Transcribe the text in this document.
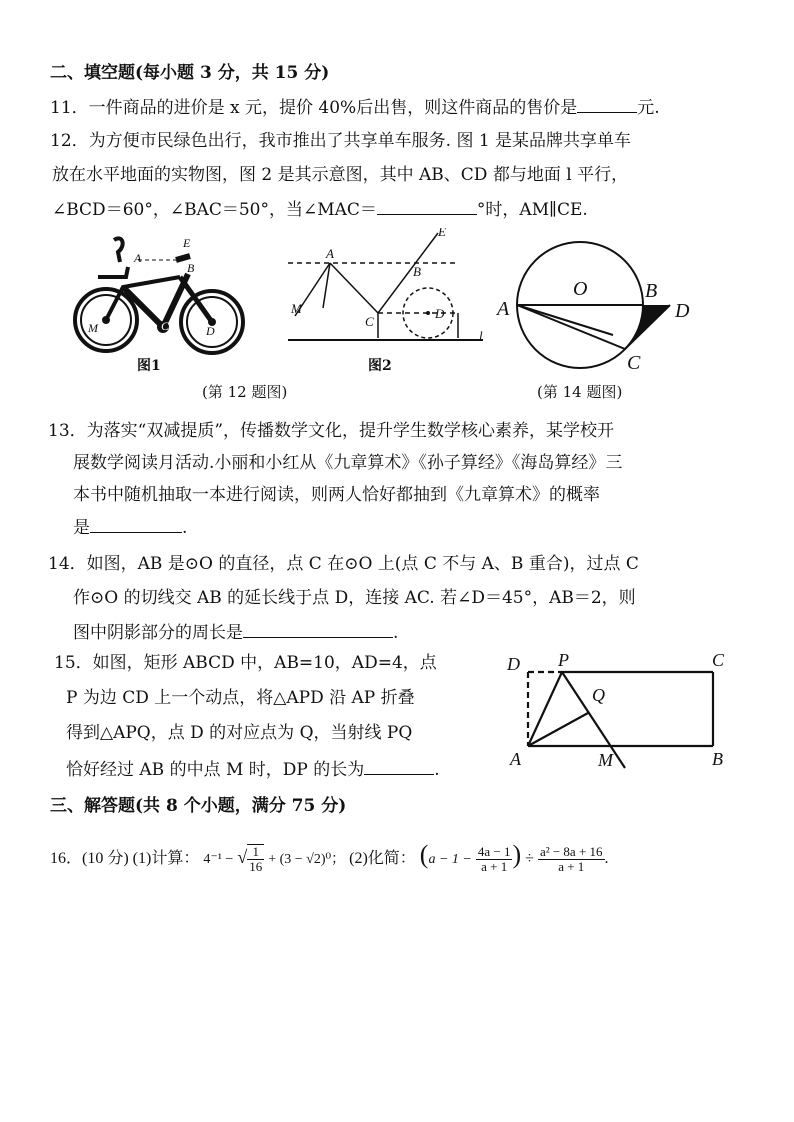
二、填空题(每小题 3 分，共 15 分)
11．一件商品的进价是 x 元，提价 40%后出售，则这件商品的售价是	元.
12．为方便市民绿色出行，我市推出了共享单车服务. 图 1 是某品牌共享单车
放在水平地面的实物图，图 2 是其示意图，其中 AB、CD 都与地面 l 平行，
∠BCD＝60°，∠BAC＝50°，当∠MAC＝	°时，AM∥CE.
A
E
B
M	C	D
图1
A
E
B
M
C
D
l
图2
O
A
B
D
C
(第 12 题图)	(第 14 题图)
13．为落实“双减提质”，传播数学文化，提升学生数学核心素养，某学校开
展数学阅读月活动.小丽和小红从《九章算术》《孙子算经》《海岛算经》三
本书中随机抽取一本进行阅读，则两人恰好都抽到《九章算术》的概率
是	.
14．如图，AB 是⊙O 的直径，点 C 在⊙O 上(点 C 不与 A、B 重合)，过点 C
作⊙O 的切线交 AB 的延长线于点 D，连接 AC. 若∠D＝45°，AB＝2，则
图中阴影部分的周长是	.
15．如图，矩形 ABCD 中，AB=10，AD=4，点
P 为边 CD 上一个动点，将△APD 沿 AP 折叠
得到△APQ，点 D 的对应点为 Q，当射线 PQ
恰好经过 AB 的中点 M 时，DP 的长为	.
D P	C
Q
A	M	B
三、解答题(共 8 个小题，满分 75 分)
16．(10 分) (1)计算： 4⁻¹ − √ $\frac{1}{16} + (3 - √2)^0$； (2)化简： ($a - 1 - \frac{4a - 1}{a + 1}$ ) ÷ $\frac{\text{a² − 8a + 16}}{a + 1}$ .
